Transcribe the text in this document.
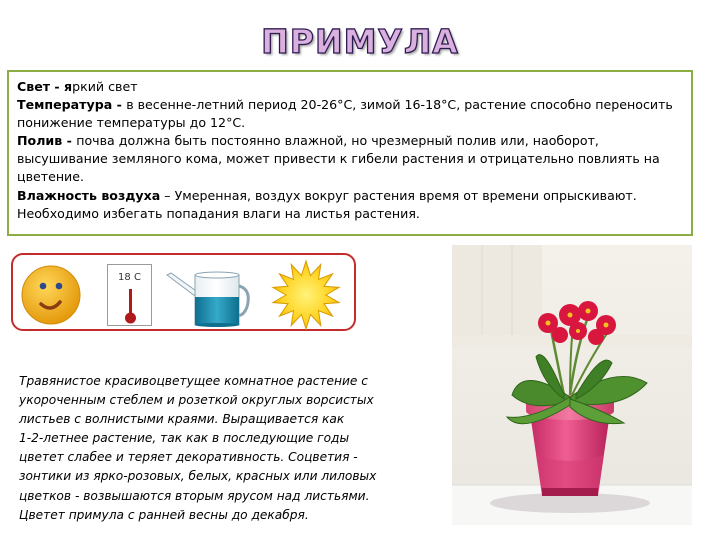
ПРИМУЛА

Свет - яркий свет

Температура - в весенне-летний период 20-26°С, зимой 16-18°С, растение способно переносить понижение температуры до 12°С.

Полив - почва должна быть постоянно влажной, но чрезмерный полив или, наоборот, высушивание земляного кома, может привести к гибели растения и отрицательно повлиять на цветение.

Влажность воздуха – Умеренная, воздух вокруг растения время от времени опрыскивают. Необходимо избегать попадания влаги на листья растения.

18 С
Травянистое красивоцветущее комнатное растение с
укороченным стеблем и розеткой округлых ворсистых
листьев с волнистыми краями. Выращивается как
1-2-летнее растение, так как в последующие годы
цветет слабее и теряет декоративность. Соцветия -
зонтики из ярко-розовых, белых, красных или лиловых
цветков - возвышаются вторым ярусом над листьями.
Цветет примула с ранней весны до декабря.
